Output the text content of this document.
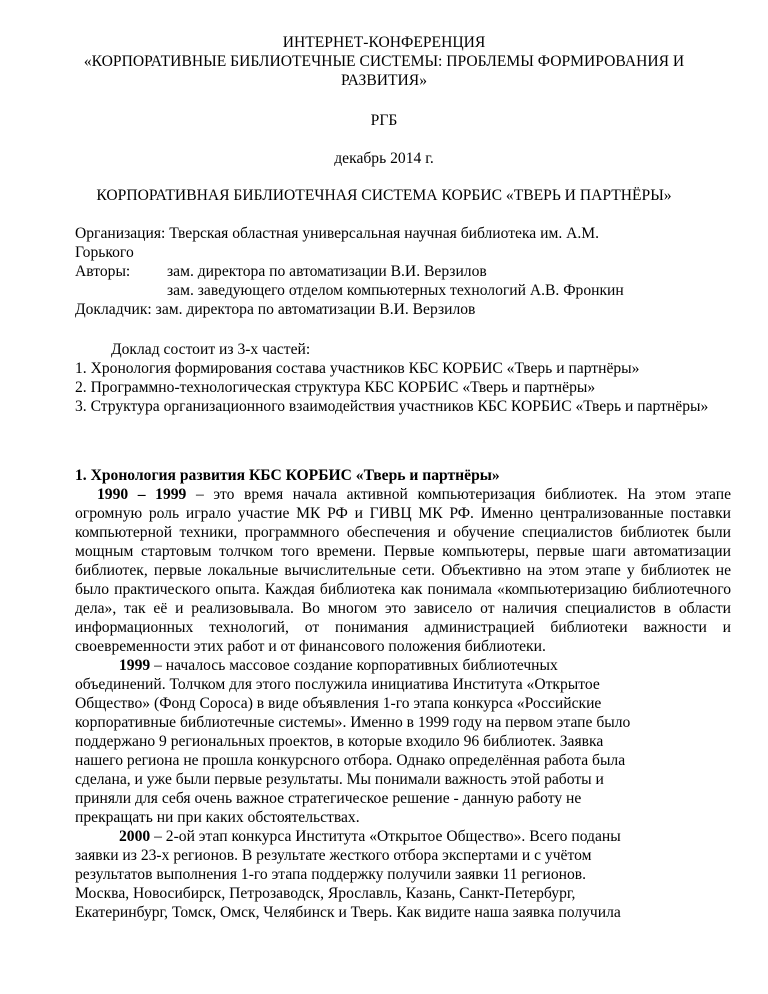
ИНТЕРНЕТ-КОНФЕРЕНЦИЯ
«КОРПОРАТИВНЫЕ БИБЛИОТЕЧНЫЕ СИСТЕМЫ: ПРОБЛЕМЫ ФОРМИРОВАНИЯ И
РАЗВИТИЯ»
РГБ
декабрь 2014 г.
КОРПОРАТИВНАЯ БИБЛИОТЕЧНАЯ СИСТЕМА КОРБИС «ТВЕРЬ И ПАРТНЁРЫ»
Организация: Тверская областная универсальная научная библиотека им. А.М.
Горького
Авторы: зам. директора по автоматизации В.И. Верзилов
зам. заведующего отделом компьютерных технологий А.В. Фронкин
Докладчик: зам. директора по автоматизации В.И. Верзилов
Доклад состоит из 3-х частей:
1. Хронология формирования состава участников КБС КОРБИС «Тверь и партнёры»
2. Программно-технологическая структура КБС КОРБИС «Тверь и партнёры»
3. Структура организационного взаимодействия участников КБС КОРБИС «Тверь и партнёры»
1. Хронология развития КБС КОРБИС «Тверь и партнёры»

1990 – 1999 – это время начала активной компьютеризация библиотек. На этом этапе огромную роль играло участие МК РФ и ГИВЦ МК РФ. Именно централизованные поставки компьютерной техники, программного обеспечения и обучение специалистов библиотек были мощным стартовым толчком того времени. Первые компьютеры, первые шаги автоматизации библиотек, первые локальные вычислительные сети. Объективно на этом этапе у библиотек не было практического опыта. Каждая библиотека как понимала «компьютеризацию библиотечного дела», так её и реализовывала. Во многом это зависело от наличия специалистов в области информационных технологий, от понимания администрацией библиотеки важности и своевременности этих работ и от финансового положения библиотеки.

1999 – началось массовое создание корпоративных библиотечных
объединений. Толчком для этого послужила инициатива Института «Открытое
Общество» (Фонд Сороса) в виде объявления 1-го этапа конкурса «Российские
корпоративные библиотечные системы». Именно в 1999 году на первом этапе было
поддержано 9 региональных проектов, в которые входило 96 библиотек. Заявка
нашего региона не прошла конкурсного отбора. Однако определённая работа была
сделана, и уже были первые результаты. Мы понимали важность этой работы и
приняли для себя очень важное стратегическое решение - данную работу не
прекращать ни при каких обстоятельствах.
2000 – 2-ой этап конкурса Института «Открытое Общество». Всего поданы
заявки из 23-х регионов. В результате жесткого отбора экспертами и с учётом
результатов выполнения 1-го этапа поддержку получили заявки 11 регионов.
Москва, Новосибирск, Петрозаводск, Ярославль, Казань, Санкт-Петербург,
Екатеринбург, Томск, Омск, Челябинск и Тверь. Как видите наша заявка получила
